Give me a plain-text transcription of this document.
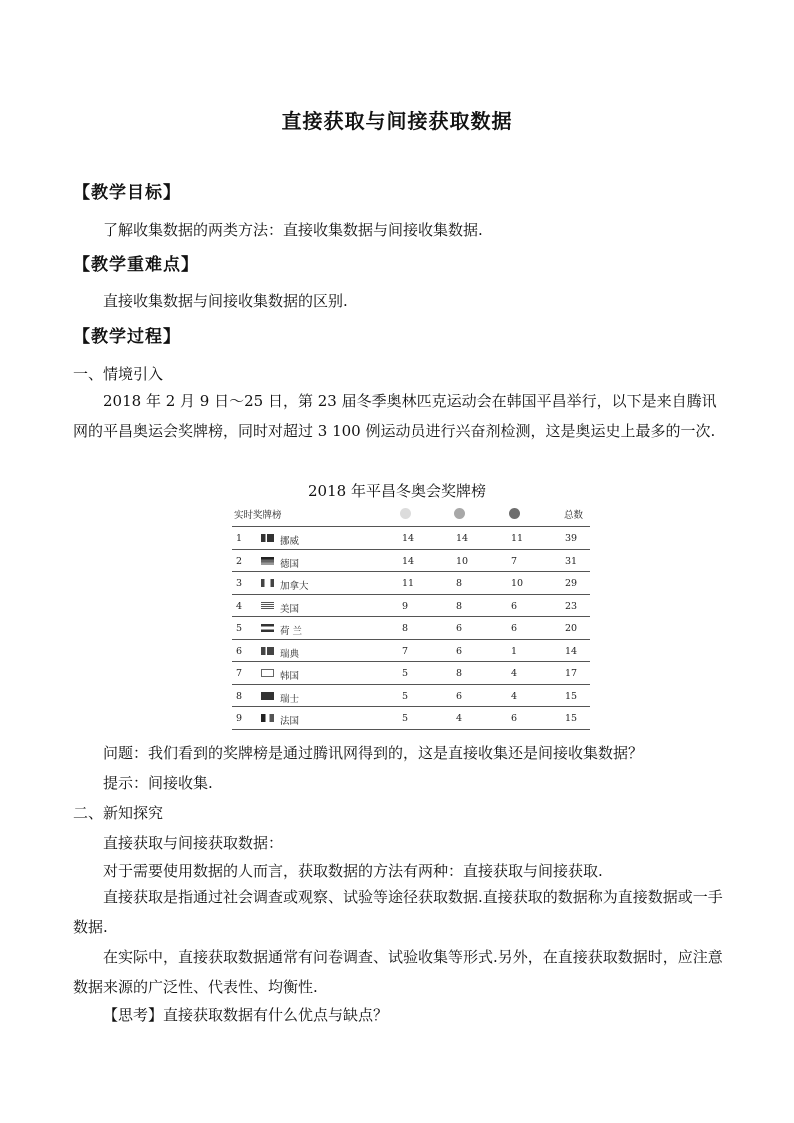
直接获取与间接获取数据
【教学目标】
了解收集数据的两类方法：直接收集数据与间接收集数据.
【教学重难点】
直接收集数据与间接收集数据的区别.
【教学过程】
一、情境引入
2018 年 2 月 9 日～25 日，第 23 届冬季奥林匹克运动会在韩国平昌举行，以下是来自腾讯网的平昌奥运会奖牌榜，同时对超过 3 100 例运动员进行兴奋剂检测，这是奥运史上最多的一次.
2018 年平昌冬奥会奖牌榜
实时奖牌榜	总数
1	挪威	14	14	11	39
2	德国	14	10	7	31
3	加拿大	11	8	10	29
4	美国	9	8	6	23
5	荷 兰	8	6	6	20
6	瑞典	7	6	1	14
7	韩国	5	8	4	17
8	瑞士	5	6	4	15
9	法国	5	4	6	15
问题：我们看到的奖牌榜是通过腾讯网得到的，这是直接收集还是间接收集数据？
提示：间接收集.
二、新知探究
直接获取与间接获取数据：
对于需要使用数据的人而言，获取数据的方法有两种：直接获取与间接获取.
直接获取是指通过社会调查或观察、试验等途径获取数据.直接获取的数据称为直接数据或一手数据.
在实际中，直接获取数据通常有问卷调查、试验收集等形式.另外，在直接获取数据时，应注意数据来源的广泛性、代表性、均衡性.
【思考】直接获取数据有什么优点与缺点？
